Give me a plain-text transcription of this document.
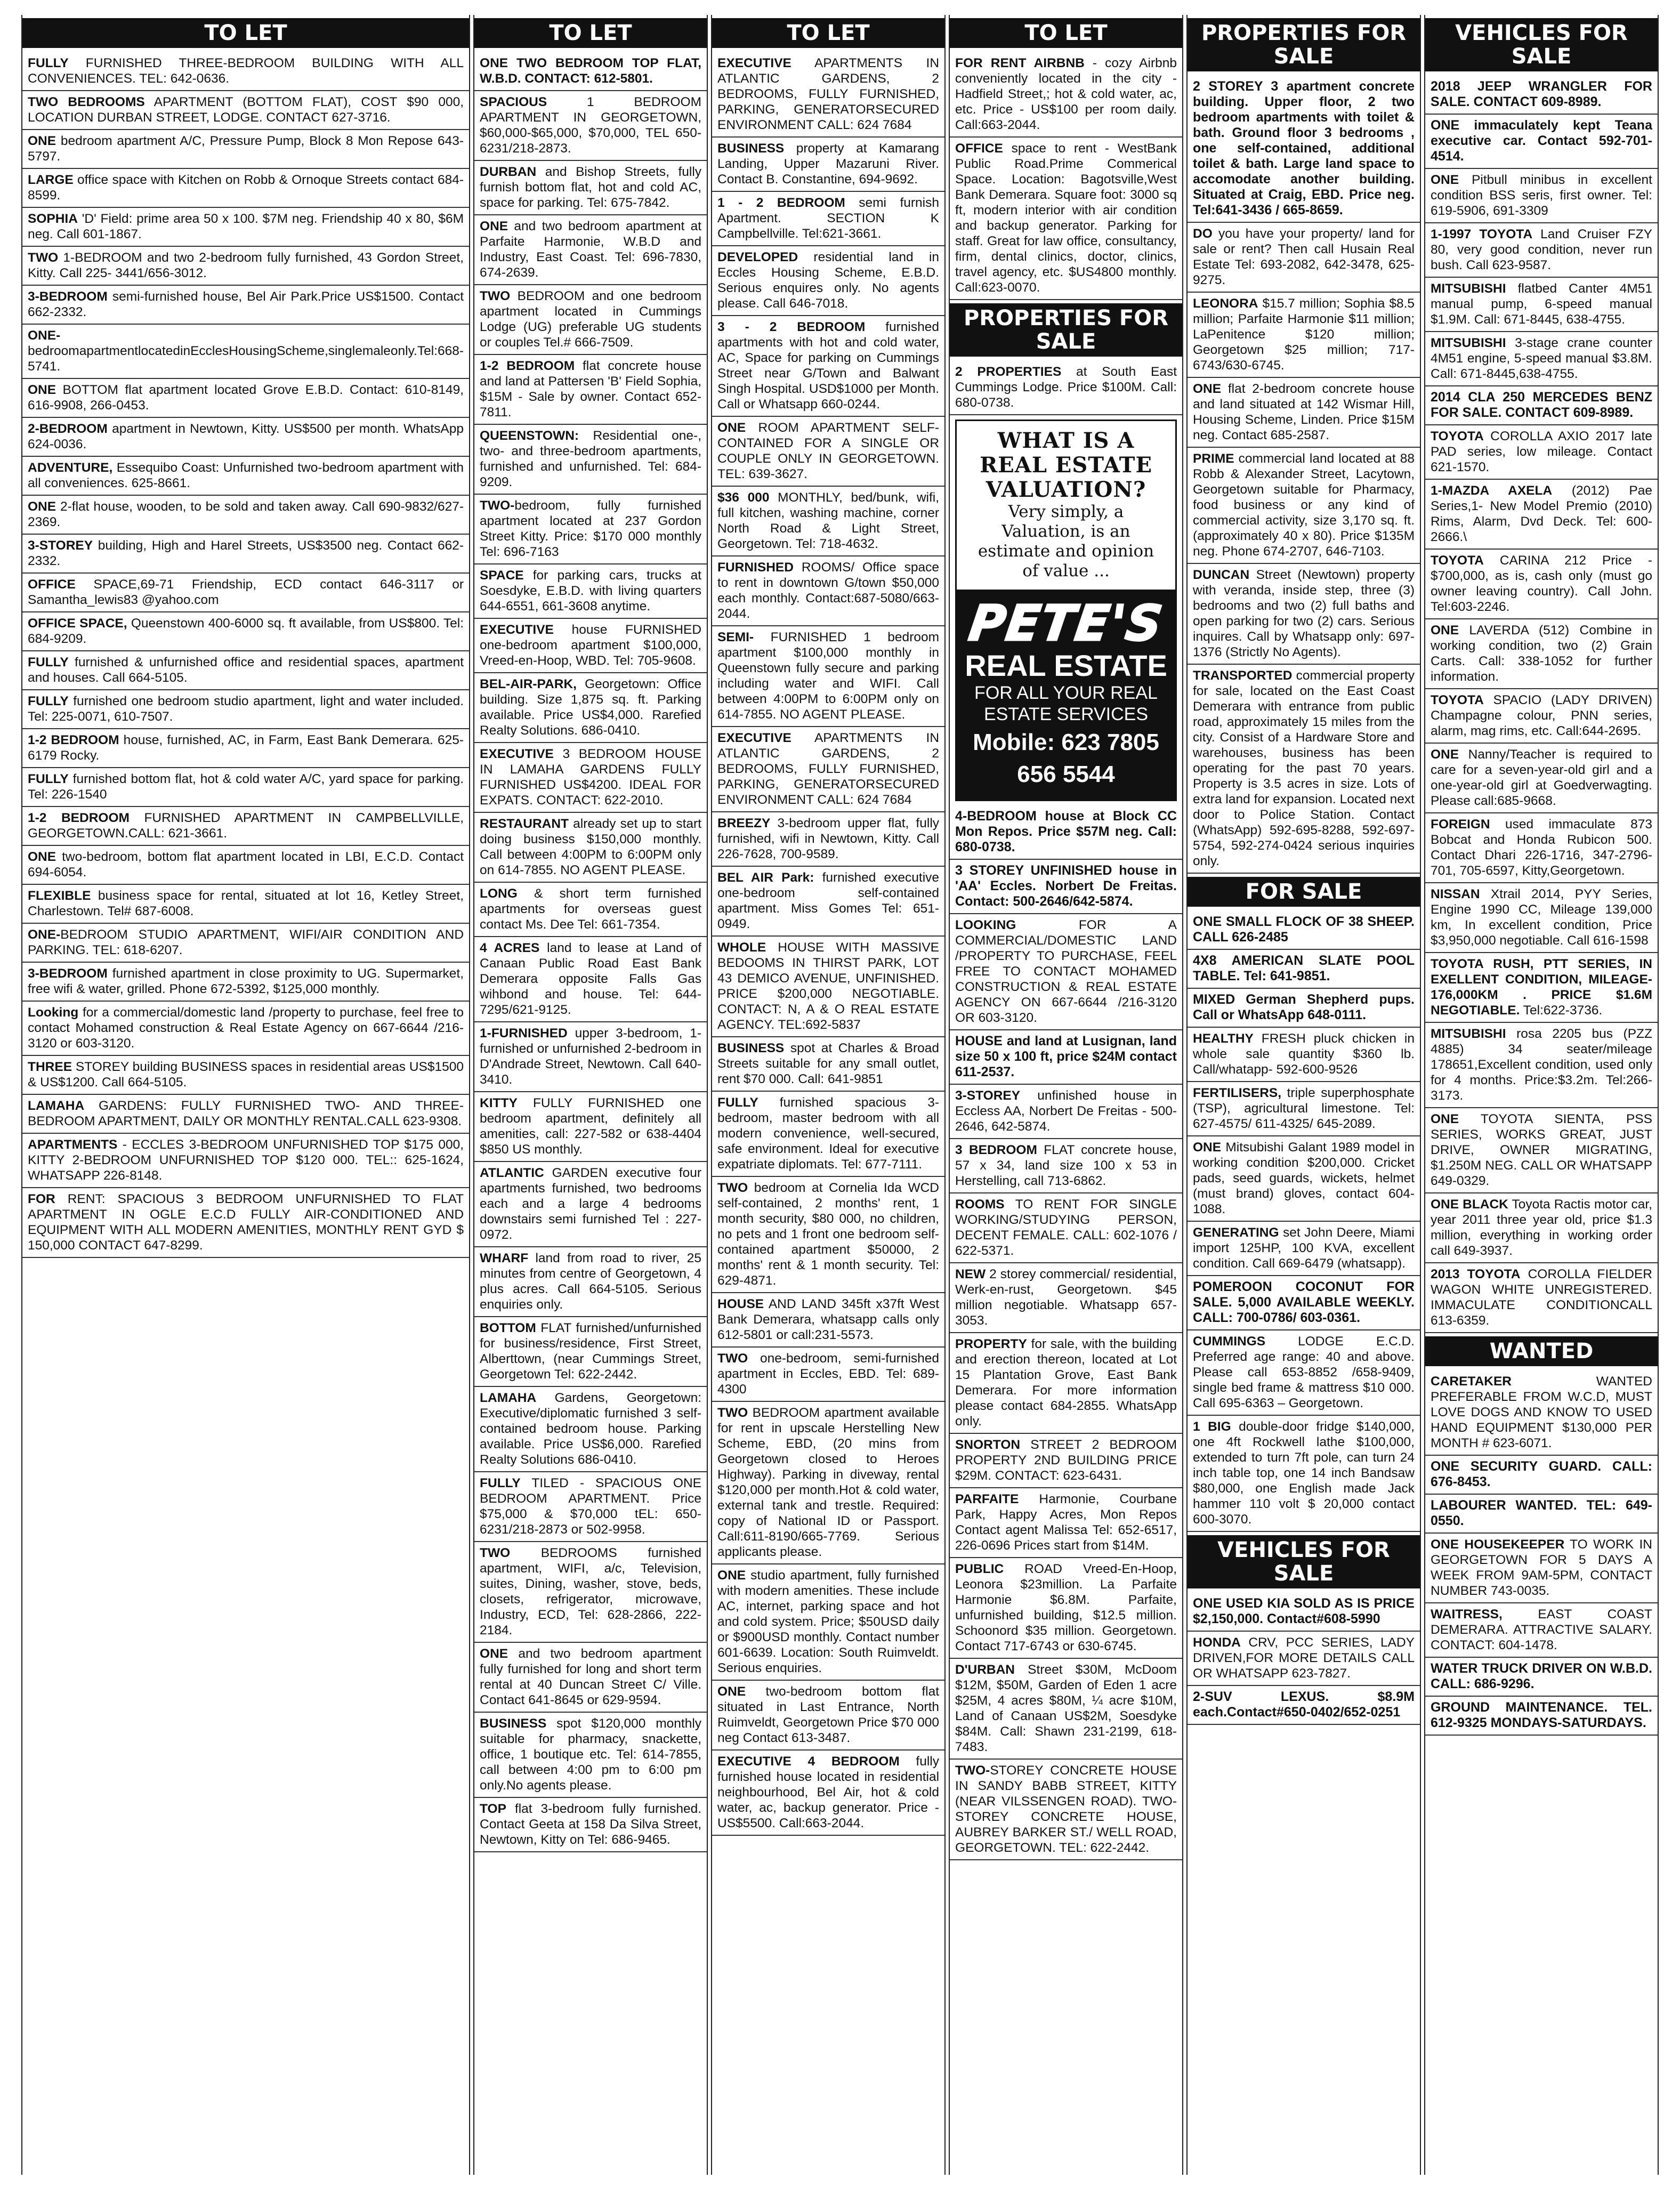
TO LET
FULLY FURNISHED THREE-BEDROOM BUILDING WITH ALL CONVENIENCES. TEL: 642-0636.
TWO BEDROOMS APARTMENT (BOTTOM FLAT), COST $90 000, LOCATION DURBAN STREET, LODGE. CONTACT 627-3716.
ONE bedroom apartment A/C, Pressure Pump, Block 8 Mon Repose 643-5797.
LARGE office space with Kitchen on Robb & Ornoque Streets contact 684-8599.
SOPHIA 'D' Field: prime area 50 x 100. $7M neg. Friendship 40 x 80, $6M neg. Call 601-1867.
TWO 1-BEDROOM and two 2-bedroom fully furnished, 43 Gordon Street, Kitty. Call 225- 3441/656-3012.
3-BEDROOM semi-furnished house, Bel Air Park.Price US$1500. Contact 662-2332.
ONE-bedroomapartmentlocatedinEcclesHousingScheme,singlemaleonly.Tel:668-5741.
ONE BOTTOM flat apartment located Grove E.B.D. Contact: 610-8149, 616-9908, 266-0453.
2-BEDROOM apartment in Newtown, Kitty. US$500 per month. WhatsApp 624-0036.
ADVENTURE, Essequibo Coast: Unfurnished two-bedroom apartment with all conveniences. 625-8661.
ONE 2-flat house, wooden, to be sold and taken away. Call 690-9832/627-2369.
3-STOREY building, High and Harel Streets, US$3500 neg. Contact 662-2332.
OFFICE SPACE,69-71 Friendship, ECD contact 646-3117 or Samantha_lewis83 @yahoo.com
OFFICE SPACE, Queenstown 400-6000 sq. ft available, from US$800. Tel: 684-9209.
FULLY furnished & unfurnished office and residential spaces, apartment and houses. Call 664-5105.
FULLY furnished one bedroom studio apartment, light and water included. Tel: 225-0071, 610-7507.
1-2 BEDROOM house, furnished, AC, in Farm, East Bank Demerara. 625-6179 Rocky.
FULLY furnished bottom flat, hot & cold water A/C, yard space for parking. Tel: 226-1540
1-2 BEDROOM FURNISHED APARTMENT IN CAMPBELLVILLE, GEORGETOWN.CALL: 621-3661.
ONE two-bedroom, bottom flat apartment located in LBI, E.C.D. Contact 694-6054.
FLEXIBLE business space for rental, situated at lot 16, Ketley Street, Charlestown. Tel# 687-6008.
ONE-BEDROOM STUDIO APARTMENT, WIFI/AIR CONDITION AND PARKING. TEL: 618-6207.
3-BEDROOM furnished apartment in close proximity to UG. Supermarket, free wifi & water, grilled. Phone 672-5392, $125,000 monthly.
Looking for a commercial/domestic land /property to purchase, feel free to contact Mohamed construction & Real Estate Agency on 667-6644 /216-3120 or 603-3120.
THREE STOREY building BUSINESS spaces in residential areas US$1500 & US$1200. Call 664-5105.
LAMAHA GARDENS: FULLY FURNISHED TWO- AND THREE-BEDROOM APARTMENT, DAILY OR MONTHLY RENTAL.CALL 623-9308.
APARTMENTS - ECCLES 3-BEDROOM UNFURNISHED TOP $175 000, KITTY 2-BEDROOM UNFURNISHED TOP $120 000. TEL:: 625-1624, WHATSAPP 226-8148.
FOR RENT: SPACIOUS 3 BEDROOM UNFURNISHED TO FLAT APARTMENT IN OGLE E.C.D FULLY AIR-CONDITIONED AND EQUIPMENT WITH ALL MODERN AMENITIES, MONTHLY RENT GYD $ 150,000 CONTACT 647-8299.
TO LET
ONE TWO BEDROOM TOP FLAT, W.B.D. CONTACT: 612-5801.
SPACIOUS 1 BEDROOM APARTMENT IN GEORGETOWN, $60,000-$65,000, $70,000, TEL 650-6231/218-2873.
DURBAN and Bishop Streets, fully furnish bottom flat, hot and cold AC, space for parking. Tel: 675-7842.
ONE and two bedroom apartment at Parfaite Harmonie, W.B.D and Industry, East Coast. Tel: 696-7830, 674-2639.
TWO BEDROOM and one bedroom apartment located in Cummings Lodge (UG) preferable UG students or couples Tel.# 666-7509.
1-2 BEDROOM flat concrete house and land at Pattersen 'B' Field Sophia, $15M - Sale by owner. Contact 652-7811.
QUEENSTOWN: Residential one-, two- and three-bedroom apartments, furnished and unfurnished. Tel: 684-9209.
TWO-bedroom, fully furnished apartment located at 237 Gordon Street Kitty. Price: $170 000 monthly Tel: 696-7163
SPACE for parking cars, trucks at Soesdyke, E.B.D. with living quarters 644-6551, 661-3608 anytime.
EXECUTIVE house FURNISHED one-bedroom apartment $100,000, Vreed-en-Hoop, WBD. Tel: 705-9608.
BEL-AIR-PARK, Georgetown: Office building. Size 1,875 sq. ft. Parking available. Price US$4,000. Rarefied Realty Solutions. 686-0410.
EXECUTIVE 3 BEDROOM HOUSE IN LAMAHA GARDENS FULLY FURNISHED US$4200. IDEAL FOR EXPATS. CONTACT: 622-2010.
RESTAURANT already set up to start doing business $150,000 monthly. Call between 4:00PM to 6:00PM only on 614-7855. NO AGENT PLEASE.
LONG & short term furnished apartments for overseas guest contact Ms. Dee Tel: 661-7354.
4 ACRES land to lease at Land of Canaan Public Road East Bank Demerara opposite Falls Gas wihbond and house. Tel: 644-7295/621-9125.
1-FURNISHED upper 3-bedroom, 1-furnished or unfurnished 2-bedroom in D'Andrade Street, Newtown. Call 640-3410.
KITTY FULLY FURNISHED one bedroom apartment, definitely all amenities, call: 227-582 or 638-4404 $850 US monthly.
ATLANTIC GARDEN executive four apartments furnished, two bedrooms each and a large 4 bedrooms downstairs semi furnished Tel : 227-0972.
WHARF land from road to river, 25 minutes from centre of Georgetown, 4 plus acres. Call 664-5105. Serious enquiries only.
BOTTOM FLAT furnished/unfurnished for business/residence, First Street, Alberttown, (near Cummings Street, Georgetown Tel: 622-2442.
LAMAHA Gardens, Georgetown: Executive/diplomatic furnished 3 self-contained bedroom house. Parking available. Price US$6,000. Rarefied Realty Solutions 686-0410.
FULLY TILED - SPACIOUS ONE BEDROOM APARTMENT. Price $75,000 & $70,000 tEL: 650-6231/218-2873 or 502-9958.
TWO BEDROOMS furnished apartment, WIFI, a/c, Television, suites, Dining, washer, stove, beds, closets, refrigerator, microwave, Industry, ECD, Tel: 628-2866, 222-2184.
ONE and two bedroom apartment fully furnished for long and short term rental at 40 Duncan Street C/ Ville. Contact 641-8645 or 629-9594.
BUSINESS spot $120,000 monthly suitable for pharmacy, snackette, office, 1 boutique etc. Tel: 614-7855, call between 4:00 pm to 6:00 pm only.No agents please.
TOP flat 3-bedroom fully furnished. Contact Geeta at 158 Da Silva Street, Newtown, Kitty on Tel: 686-9465.
TO LET
EXECUTIVE APARTMENTS IN ATLANTIC GARDENS, 2 BEDROOMS, FULLY FURNISHED, PARKING, GENERATORSECURED ENVIRONMENT CALL: 624 7684
BUSINESS property at Kamarang Landing, Upper Mazaruni River. Contact B. Constantine, 694-9692.
1 - 2 BEDROOM semi furnish Apartment. SECTION K Campbellville. Tel:621-3661.
DEVELOPED residential land in Eccles Housing Scheme, E.B.D. Serious enquires only. No agents please. Call 646-7018.
3 - 2 BEDROOM furnished apartments with hot and cold water, AC, Space for parking on Cummings Street near G/Town and Balwant Singh Hospital. USD$1000 per Month. Call or Whatsapp 660-0244.
ONE ROOM APARTMENT SELF-CONTAINED FOR A SINGLE OR COUPLE ONLY IN GEORGETOWN. TEL: 639-3627.
$36 000 MONTHLY, bed/bunk, wifi, full kitchen, washing machine, corner North Road & Light Street, Georgetown. Tel: 718-4632.
FURNISHED ROOMS/ Office space to rent in downtown G/town $50,000 each monthly. Contact:687-5080/663-2044.
SEMI- FURNISHED 1 bedroom apartment $100,000 monthly in Queenstown fully secure and parking including water and WIFI. Call between 4:00PM to 6:00PM only on 614-7855. NO AGENT PLEASE.
EXECUTIVE APARTMENTS IN ATLANTIC GARDENS, 2 BEDROOMS, FULLY FURNISHED, PARKING, GENERATORSECURED ENVIRONMENT CALL: 624 7684
BREEZY 3-bedroom upper flat, fully furnished, wifi in Newtown, Kitty. Call 226-7628, 700-9589.
BEL AIR Park: furnished executive one-bedroom self-contained apartment. Miss Gomes Tel: 651-0949.
WHOLE HOUSE WITH MASSIVE BEDOOMS IN THIRST PARK, LOT 43 DEMICO AVENUE, UNFINISHED. PRICE $200,000 NEGOTIABLE. CONTACT: N, A & O REAL ESTATE AGENCY. TEL:692-5837
BUSINESS spot at Charles & Broad Streets suitable for any small outlet, rent $70 000. Call: 641-9851
FULLY furnished spacious 3-bedroom, master bedroom with all modern convenience, well-secured, safe environment. Ideal for executive expatriate diplomats. Tel: 677-7111.
TWO bedroom at Cornelia Ida WCD self-contained, 2 months' rent, 1 month security, $80 000, no children, no pets and 1 front one bedroom self-contained apartment $50000, 2 months' rent & 1 month security. Tel: 629-4871.
HOUSE AND LAND 345ft x37ft West Bank Demerara, whatsapp calls only 612-5801 or call:231-5573.
TWO one-bedroom, semi-furnished apartment in Eccles, EBD. Tel: 689-4300
TWO BEDROOM apartment available for rent in upscale Herstelling New Scheme, EBD, (20 mins from Georgetown closed to Heroes Highway). Parking in diveway, rental $120,000 per month.Hot & cold water, external tank and trestle. Required: copy of National ID or Passport. Call:611-8190/665-7769. Serious applicants please.
ONE studio apartment, fully furnished with modern amenities. These include AC, internet, parking space and hot and cold system. Price; $50USD daily or $900USD monthly. Contact number 601-6639. Location: South Ruimveldt. Serious enquiries.
ONE two-bedroom bottom flat situated in Last Entrance, North Ruimveldt, Georgetown Price $70 000 neg Contact 613-3487.
EXECUTIVE 4 BEDROOM fully furnished house located in residential neighbourhood, Bel Air, hot & cold water, ac, backup generator. Price - US$5500. Call:663-2044.
TO LET
FOR RENT AIRBNB - cozy Airbnb conveniently located in the city - Hadfield Street,; hot & cold water, ac, etc. Price - US$100 per room daily. Call:663-2044.
OFFICE space to rent - WestBank Public Road.Prime Commerical Space. Location: Bagotsville,West Bank Demerara. Square foot: 3000 sq ft, modern interior with air condition and backup generator. Parking for staff. Great for law office, consultancy, firm, dental clinics, doctor, clinics, travel agency, etc. $US4800 monthly. Call:623-0070.
PROPERTIES FOR SALE
2 PROPERTIES at South East Cummings Lodge. Price $100M. Call: 680-0738.
WHAT IS A
REAL ESTATE
VALUATION?
Very simply, a
Valuation, is an
estimate and opinion
of value ...
PETE'S
REAL ESTATE
FOR ALL YOUR REAL
ESTATE SERVICES
Mobile: 623 7805
656 5544
4-BEDROOM house at Block CC Mon Repos. Price $57M neg. Call: 680-0738.
3 STOREY UNFINISHED house in 'AA' Eccles. Norbert De Freitas. Contact: 500-2646/642-5874.
LOOKING FOR A COMMERCIAL/DOMESTIC LAND /PROPERTY TO PURCHASE, FEEL FREE TO CONTACT MOHAMED CONSTRUCTION & REAL ESTATE AGENCY ON 667-6644 /216-3120 OR 603-3120.
HOUSE and land at Lusignan, land size 50 x 100 ft, price $24M contact 611-2537.
3-STOREY unfinished house in Eccless AA, Norbert De Freitas - 500-2646, 642-5874.
3 BEDROOM FLAT concrete house, 57 x 34, land size 100 x 53 in Herstelling, call 713-6862.
ROOMS TO RENT FOR SINGLE WORKING/STUDYING PERSON, DECENT FEMALE. CALL: 602-1076 / 622-5371.
NEW 2 storey commercial/ residential, Werk-en-rust, Georgetown. $45 million negotiable. Whatsapp 657-3053.
PROPERTY for sale, with the building and erection thereon, located at Lot 15 Plantation Grove, East Bank Demerara. For more information please contact 684-2855. WhatsApp only.
SNORTON STREET 2 BEDROOM PROPERTY 2ND BUILDING PRICE $29M. CONTACT: 623-6431.
PARFAITE Harmonie, Courbane Park, Happy Acres, Mon Repos Contact agent Malissa Tel: 652-6517, 226-0696 Prices start from $14M.
PUBLIC ROAD Vreed-En-Hoop, Leonora $23million. La Parfaite Harmonie $6.8M. Parfaite, unfurnished building, $12.5 million. Schoonord $35 million. Georgetown. Contact 717-6743 or 630-6745.
D'URBAN Street $30M, McDoom $12M, $50M, Garden of Eden 1 acre $25M, 4 acres $80M, ¼ acre $10M, Land of Canaan US$2M, Soesdyke $84M. Call: Shawn 231-2199, 618-7483.
TWO-STOREY CONCRETE HOUSE IN SANDY BABB STREET, KITTY (NEAR VILSSENGEN ROAD). TWO-STOREY CONCRETE HOUSE, AUBREY BARKER ST./ WELL ROAD, GEORGETOWN. TEL: 622-2442.
PROPERTIES FOR SALE
2 STOREY 3 apartment concrete building. Upper floor, 2 two bedroom apartments with toilet & bath. Ground floor 3 bedrooms , one self-contained, additional toilet & bath. Large land space to accomodate another building. Situated at Craig, EBD. Price neg. Tel:641-3436 / 665-8659.
DO you have your property/ land for sale or rent? Then call Husain Real Estate Tel: 693-2082, 642-3478, 625-9275.
LEONORA $15.7 million; Sophia $8.5 million; Parfaite Harmonie $11 million; LaPenitence $120 million; Georgetown $25 million; 717-6743/630-6745.
ONE flat 2-bedroom concrete house and land situated at 142 Wismar Hill, Housing Scheme, Linden. Price $15M neg. Contact 685-2587.
PRIME commercial land located at 88 Robb & Alexander Street, Lacytown, Georgetown suitable for Pharmacy, food business or any kind of commercial activity, size 3,170 sq. ft. (approximately 40 x 80). Price $135M neg. Phone 674-2707, 646-7103.
DUNCAN Street (Newtown) property with veranda, inside step, three (3) bedrooms and two (2) full baths and open parking for two (2) cars. Serious inquires. Call by Whatsapp only: 697-1376 (Strictly No Agents).
TRANSPORTED commercial property for sale, located on the East Coast Demerara with entrance from public road, approximately 15 miles from the city. Consist of a Hardware Store and warehouses, business has been operating for the past 70 years. Property is 3.5 acres in size. Lots of extra land for expansion. Located next door to Police Station. Contact (WhatsApp) 592-695-8288, 592-697-5754, 592-274-0424 serious inquiries only.
FOR SALE
ONE SMALL FLOCK OF 38 SHEEP. CALL 626-2485
4X8 AMERICAN SLATE POOL TABLE. Tel: 641-9851.
MIXED German Shepherd pups. Call or WhatsApp 648-0111.
HEALTHY FRESH pluck chicken in whole sale quantity $360 lb. Call/whatapp- 592-600-9526
FERTILISERS, triple superphosphate (TSP), agricultural limestone. Tel: 627-4575/ 611-4325/ 645-2089.
ONE Mitsubishi Galant 1989 model in working condition $200,000. Cricket pads, seed guards, wickets, helmet (must brand) gloves, contact 604-1088.
GENERATING set John Deere, Miami import 125HP, 100 KVA, excellent condition. Call 669-6479 (whatsapp).
POMEROON COCONUT FOR SALE. 5,000 AVAILABLE WEEKLY. CALL: 700-0786/ 603-0361.
CUMMINGS LODGE E.C.D. Preferred age range: 40 and above. Please call 653-8852 /658-9409, single bed frame & mattress $10 000. Call 695-6363 – Georgetown.
1 BIG double-door fridge $140,000, one 4ft Rockwell lathe $100,000, extended to turn 7ft pole, can turn 24 inch table top, one 14 inch Bandsaw $80,000, one English made Jack hammer 110 volt $ 20,000 contact 600-3070.
VEHICLES FOR SALE
ONE USED KIA SOLD AS IS PRICE $2,150,000. Contact#608-5990
HONDA CRV, PCC SERIES, LADY DRIVEN,FOR MORE DETAILS CALL OR WHATSAPP 623-7827.
2-SUV LEXUS. $8.9M each.Contact#650-0402/652-0251
VEHICLES FOR SALE
2018 JEEP WRANGLER FOR SALE. CONTACT 609-8989.
ONE immaculately kept Teana executive car. Contact 592-701-4514.
ONE Pitbull minibus in excellent condition BSS seris, first owner. Tel: 619-5906, 691-3309
1-1997 TOYOTA Land Cruiser FZY 80, very good condition, never run bush. Call 623-9587.
MITSUBISHI flatbed Canter 4M51 manual pump, 6-speed manual $1.9M. Call: 671-8445, 638-4755.
MITSUBISHI 3-stage crane counter 4M51 engine, 5-speed manual $3.8M. Call: 671-8445,638-4755.
2014 CLA 250 MERCEDES BENZ FOR SALE. CONTACT 609-8989.
TOYOTA COROLLA AXIO 2017 late PAD series, low mileage. Contact 621-1570.
1-MAZDA AXELA (2012) Pae Series,1- New Model Premio (2010) Rims, Alarm, Dvd Deck. Tel: 600-2666.\
TOYOTA CARINA 212 Price - $700,000, as is, cash only (must go owner leaving country). Call John. Tel:603-2246.
ONE LAVERDA (512) Combine in working condition, two (2) Grain Carts. Call: 338-1052 for further information.
TOYOTA SPACIO (LADY DRIVEN) Champagne colour, PNN series, alarm, mag rims, etc. Call:644-2695.
ONE Nanny/Teacher is required to care for a seven-year-old girl and a one-year-old girl at Goedverwagting. Please call:685-9668.
FOREIGN used immaculate 873 Bobcat and Honda Rubicon 500. Contact Dhari 226-1716, 347-2796-701, 705-6597, Kitty,Georgetown.
NISSAN Xtrail 2014, PYY Series, Engine 1990 CC, Mileage 139,000 km, In excellent condition, Price $3,950,000 negotiable. Call 616-1598
TOYOTA RUSH, PTT SERIES, IN EXELLENT CONDITION, MILEAGE-176,000KM . PRICE $1.6M NEGOTIABLE. Tel:622-3736.
MITSUBISHI rosa 2205 bus (PZZ 4885) 34 seater/mileage 178651,Excellent condition, used only for 4 months. Price:$3.2m. Tel:266-3173.
ONE TOYOTA SIENTA, PSS SERIES, WORKS GREAT, JUST DRIVE, OWNER MIGRATING, $1.250M NEG. CALL OR WHATSAPP 649-0329.
ONE BLACK Toyota Ractis motor car, year 2011 three year old, price $1.3 million, everything in working order call 649-3937.
2013 TOYOTA COROLLA FIELDER WAGON WHITE UNREGISTERED. IMMACULATE CONDITIONCALL 613-6359.
WANTED
CARETAKER WANTED PREFERABLE FROM W.C.D, MUST LOVE DOGS AND KNOW TO USED HAND EQUIPMENT $130,000 PER MONTH # 623-6071.
ONE SECURITY GUARD. CALL: 676-8453.
LABOURER WANTED. TEL: 649-0550.
ONE HOUSEKEEPER TO WORK IN GEORGETOWN FOR 5 DAYS A WEEK FROM 9AM-5PM, CONTACT NUMBER 743-0035.
WAITRESS, EAST COAST DEMERARA. ATTRACTIVE SALARY. CONTACT: 604-1478.
WATER TRUCK DRIVER ON W.B.D. CALL: 686-9296.
GROUND MAINTENANCE. TEL. 612-9325 MONDAYS-SATURDAYS.
